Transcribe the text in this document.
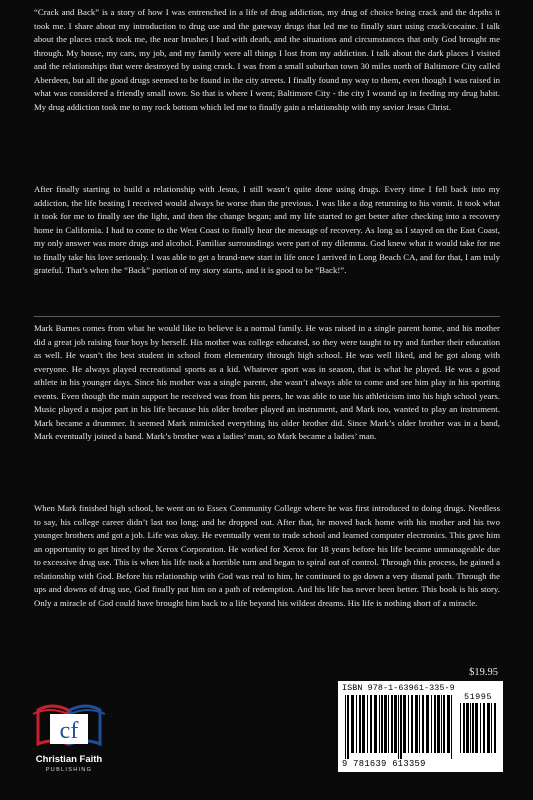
“Crack and Back” is a story of how I was entrenched in a life of drug addiction, my drug of choice being crack and the depths it took me. I share about my introduction to drug use and the gateway drugs that led me to finally start using crack/cocaine. I talk about the places crack took me, the near brushes I had with death, and the situations and circumstances that only God brought me through. My house, my cars, my job, and my family were all things I lost from my addiction. I talk about the dark places I visited and the relationships that were destroyed by using crack. I was from a small suburban town 30 miles north of Baltimore City called Aberdeen, but all the good drugs seemed to be found in the city streets. I finally found my way to them, even though I was raised in what was considered a friendly small town. So that is where I went; Baltimore City - the city I wound up in feeding my drug habit. My drug addiction took me to my rock bottom which led me to finally gain a relationship with my savior Jesus Christ.

After finally starting to build a relationship with Jesus, I still wasn’t quite done using drugs. Every time I fell back into my addiction, the life beating I received would always be worse than the previous. I was like a dog returning to his vomit. It took what it took for me to finally see the light, and then the change began; and my life started to get better after checking into a recovery home in California. I had to come to the West Coast to finally hear the message of recovery. As long as I stayed on the East Coast, my only answer was more drugs and alcohol. Familiar surroundings were part of my dilemma. God knew what it would take for me to finally take his love seriously. I was able to get a brand-new start in life once I arrived in Long Beach CA, and for that, I am truly grateful. That’s when the “Back” portion of my story starts, and it is good to be “Back!”.

Mark Barnes comes from what he would like to believe is a normal family. He was raised in a single parent home, and his mother did a great job raising four boys by herself. His mother was college educated, so they were taught to try and further their education as well. He wasn’t the best student in school from elementary through high school. He was well liked, and he got along with everyone. He always played recreational sports as a kid. Whatever sport was in season, that is what he played. He was a good athlete in his younger days. Since his mother was a single parent, she wasn’t always able to come and see him play in his sporting events. Even though the main support he received was from his peers, he was able to use his athleticism into his high school years. Music played a major part in his life because his older brother played an instrument, and Mark too, wanted to play an instrument. Mark became a drummer. It seemed Mark mimicked everything his older brother did. Since Mark’s older brother was in a band, Mark eventually joined a band. Mark’s brother was a ladies’ man, so Mark became a ladies’ man.

When Mark finished high school, he went on to Essex Community College where he was first introduced to doing drugs. Needless to say, his college career didn’t last too long; and he dropped out. After that, he moved back home with his mother and his two younger brothers and got a job. Life was okay. He eventually went to trade school and learned computer electronics. This gave him an opportunity to get hired by the Xerox Corporation. He worked for Xerox for 18 years before his life became unmanageable due to excessive drug use. This is when his life took a horrible turn and began to spiral out of control. Through this process, he gained a relationship with God. Before his relationship with God was real to him, he continued to go down a very dismal path. Through the ups and downs of drug use, God finally put him on a path of redemption. And his life has never been better. This book is his story. Only a miracle of God could have brought him back to a life beyond his wildest dreams. His life is nothing short of a miracle.

cf

Christian Faith

PUBLISHING

$19.95

ISBN 978-1-63961-335-9

51995

9 781639 613359
